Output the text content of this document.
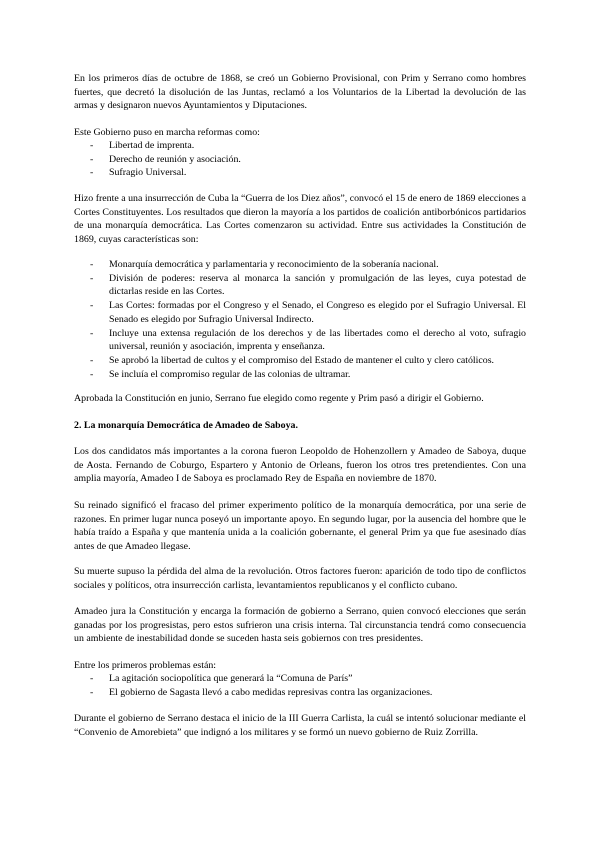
En los primeros días de octubre de 1868, se creó un Gobierno Provisional, con Prim y Serrano como hombres fuertes, que decretó la disolución de las Juntas, reclamó a los Voluntarios de la Libertad la devolución de las armas y designaron nuevos Ayuntamientos y Diputaciones.

Este Gobierno puso en marcha reformas como:

- Libertad de imprenta.
- Derecho de reunión y asociación.
- Sufragio Universal.

Hizo frente a una insurrección de Cuba la “Guerra de los Diez años”, convocó el 15 de enero de 1869 elecciones a Cortes Constituyentes. Los resultados que dieron la mayoría a los partidos de coalición antiborbónicos partidarios de una monarquía democrática. Las Cortes comenzaron su actividad. Entre sus actividades la Constitución de 1869, cuyas características son:

- Monarquía democrática y parlamentaria y reconocimiento de la soberanía nacional.
- División de poderes: reserva al monarca la sanción y promulgación de las leyes, cuya potestad de dictarlas reside en las Cortes.
- Las Cortes: formadas por el Congreso y el Senado, el Congreso es elegido por el Sufragio Universal. El Senado es elegido por Sufragio Universal Indirecto.
- Incluye una extensa regulación de los derechos y de las libertades como el derecho al voto, sufragio universal, reunión y asociación, imprenta y enseñanza.
- Se aprobó la libertad de cultos y el compromiso del Estado de mantener el culto y clero católicos.
- Se incluía el compromiso regular de las colonias de ultramar.

Aprobada la Constitución en junio, Serrano fue elegido como regente y Prim pasó a dirigir el Gobierno.

2. La monarquía Democrática de Amadeo de Saboya.

Los dos candidatos más importantes a la corona fueron Leopoldo de Hohenzollern y Amadeo de Saboya, duque de Aosta. Fernando de Coburgo, Espartero y Antonio de Orleans, fueron los otros tres pretendientes. Con una amplia mayoría, Amadeo I de Saboya es proclamado Rey de España en noviembre de 1870.

Su reinado significó el fracaso del primer experimento político de la monarquía democrática, por una serie de razones. En primer lugar nunca poseyó un importante apoyo. En segundo lugar, por la ausencia del hombre que le había traído a España y que mantenía unida a la coalición gobernante, el general Prim ya que fue asesinado días antes de que Amadeo llegase.

Su muerte supuso la pérdida del alma de la revolución. Otros factores fueron: aparición de todo tipo de conflictos sociales y políticos, otra insurrección carlista, levantamientos republicanos y el conflicto cubano.

Amadeo jura la Constitución y encarga la formación de gobierno a Serrano, quien convocó elecciones que serán ganadas por los progresistas, pero estos sufrieron una crisis interna. Tal circunstancia tendrá como consecuencia un ambiente de inestabilidad donde se suceden hasta seis gobiernos con tres presidentes.

Entre los primeros problemas están:

- La agitación sociopolítica que generará la “Comuna de París”
- El gobierno de Sagasta llevó a cabo medidas represivas contra las organizaciones.

Durante el gobierno de Serrano destaca el inicio de la III Guerra Carlista, la cuál se intentó solucionar mediante el “Convenio de Amorebieta” que indignó a los militares y se formó un nuevo gobierno de Ruiz Zorrilla.
